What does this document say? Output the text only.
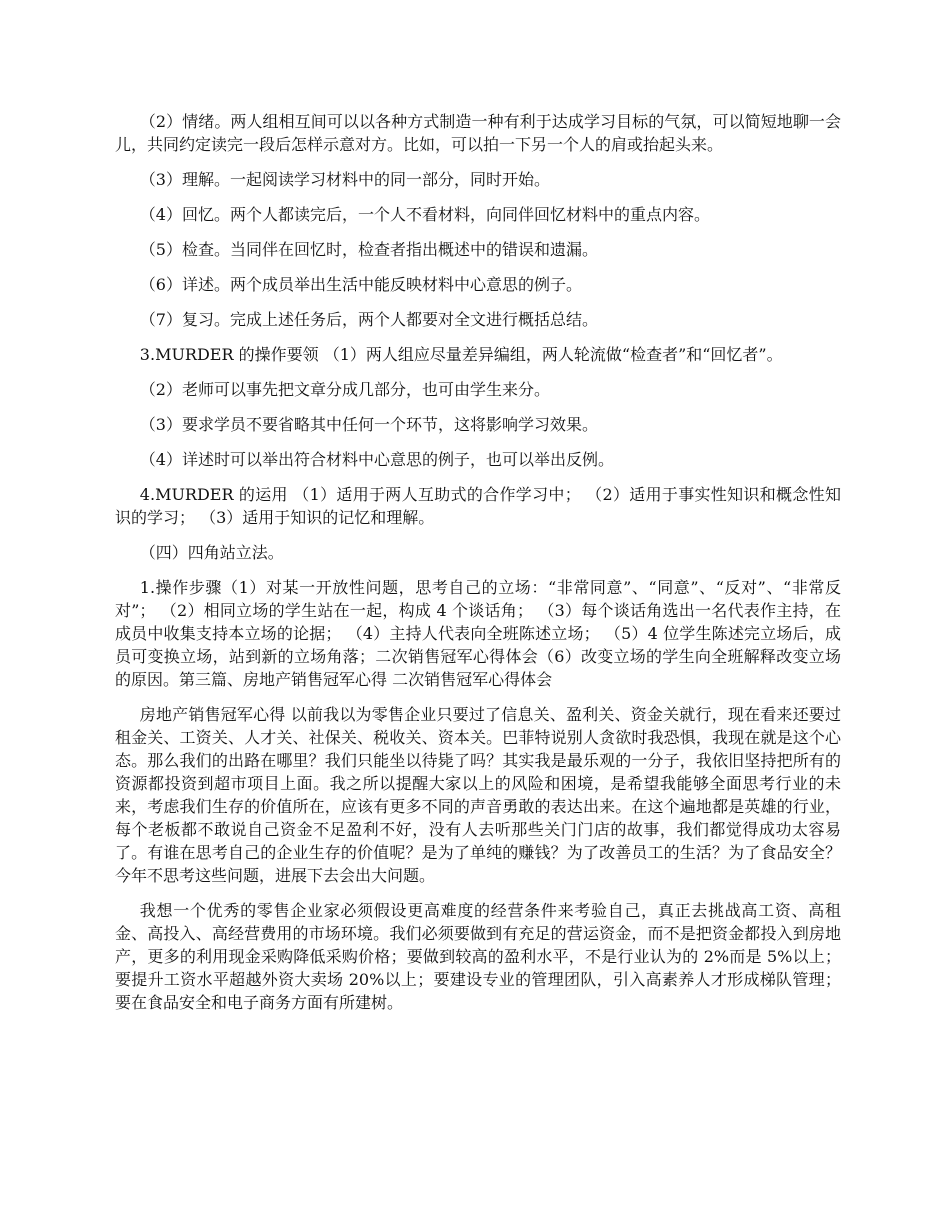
（2）情绪。两人组相互间可以以各种方式制造一种有利于达成学习目标的气氛，可以简短地聊一会儿，共同约定读完一段后怎样示意对方。比如，可以拍一下另一个人的肩或抬起头来。

（3）理解。一起阅读学习材料中的同一部分，同时开始。

（4）回忆。两个人都读完后，一个人不看材料，向同伴回忆材料中的重点内容。

（5）检查。当同伴在回忆时，检查者指出概述中的错误和遗漏。

（6）详述。两个成员举出生活中能反映材料中心意思的例子。

（7）复习。完成上述任务后，两个人都要对全文进行概括总结。

3.MURDER 的操作要领 （1）两人组应尽量差异编组，两人轮流做“检查者”和“回忆者”。

（2）老师可以事先把文章分成几部分，也可由学生来分。

（3）要求学员不要省略其中任何一个环节，这将影响学习效果。

（4）详述时可以举出符合材料中心意思的例子，也可以举出反例。

4.MURDER 的运用 （1）适用于两人互助式的合作学习中； （2）适用于事实性知识和概念性知识的学习； （3）适用于知识的记忆和理解。

（四）四角站立法。

1.操作步骤（1）对某一开放性问题，思考自己的立场：“非常同意”、“同意”、“反对”、“非常反对”； （2）相同立场的学生站在一起，构成 4 个谈话角； （3）每个谈话角选出一名代表作主持，在成员中收集支持本立场的论据； （4）主持人代表向全班陈述立场； （5）4 位学生陈述完立场后，成员可变换立场，站到新的立场角落；二次销售冠军心得体会（6）改变立场的学生向全班解释改变立场的原因。第三篇、房地产销售冠军心得 二次销售冠军心得体会

房地产销售冠军心得 以前我以为零售企业只要过了信息关、盈利关、资金关就行，现在看来还要过租金关、工资关、人才关、社保关、税收关、资本关。巴菲特说别人贪欲时我恐惧，我现在就是这个心态。那么我们的出路在哪里？我们只能坐以待毙了吗？其实我是最乐观的一分子，我依旧坚持把所有的资源都投资到超市项目上面。我之所以提醒大家以上的风险和困境，是希望我能够全面思考行业的未来，考虑我们生存的价值所在，应该有更多不同的声音勇敢的表达出来。在这个遍地都是英雄的行业，每个老板都不敢说自己资金不足盈利不好，没有人去听那些关门门店的故事，我们都觉得成功太容易了。有谁在思考自己的企业生存的价值呢？是为了单纯的赚钱？为了改善员工的生活？为了食品安全？今年不思考这些问题，进展下去会出大问题。

我想一个优秀的零售企业家必须假设更高难度的经营条件来考验自己，真正去挑战高工资、高租金、高投入、高经营费用的市场环境。我们必须要做到有充足的营运资金，而不是把资金都投入到房地产，更多的利用现金采购降低采购价格；要做到较高的盈利水平，不是行业认为的 2%而是 5%以上；要提升工资水平超越外资大卖场 20%以上；要建设专业的管理团队，引入高素养人才形成梯队管理；要在食品安全和电子商务方面有所建树。
